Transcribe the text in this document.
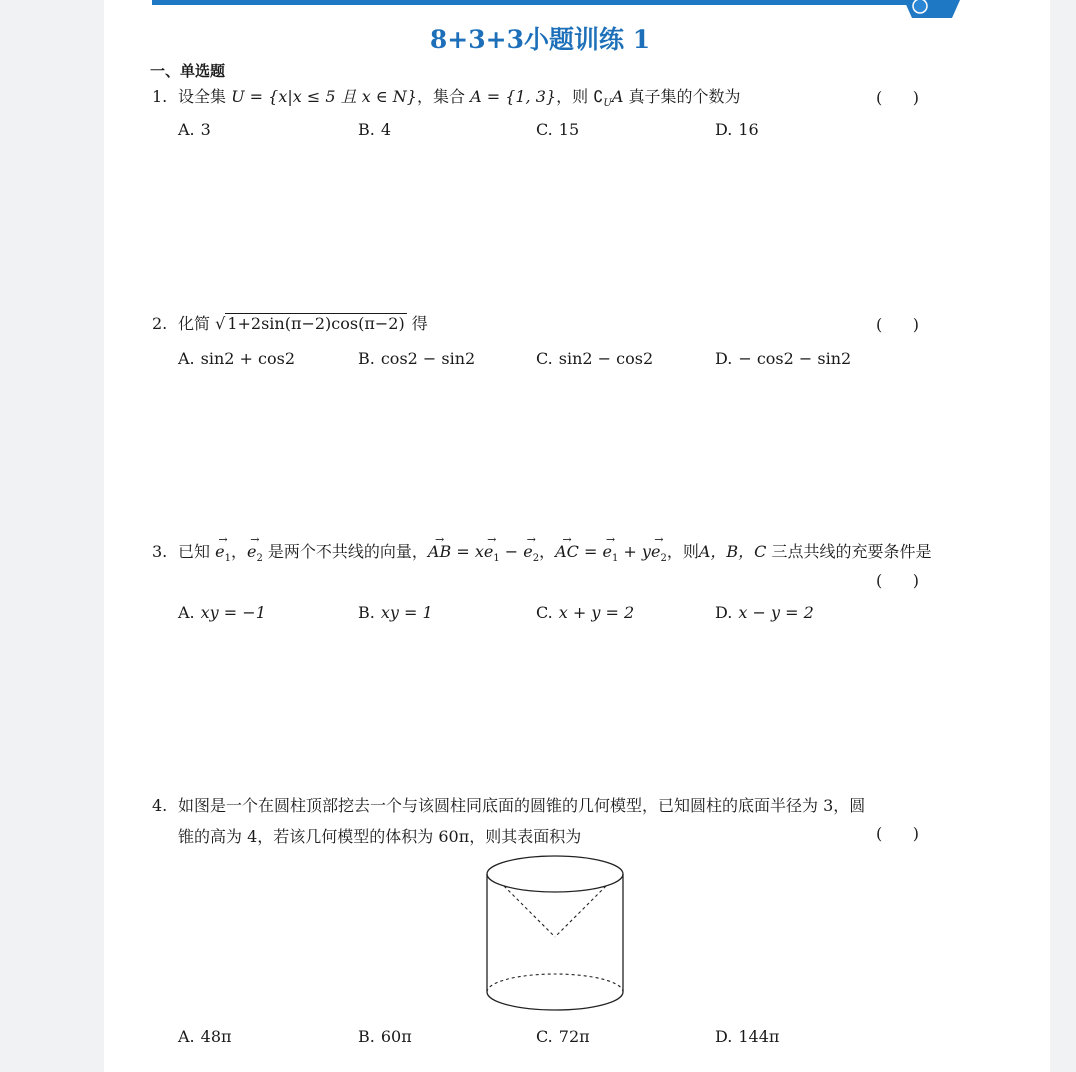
8+3+3小题训练 1
一、单选题
1. 设全集 U = {x|x ≤ 5 且 x ∈ N}，集合 A = {1, 3}，则 $∁_UA$ 真子集的个数为	(      )
A. 3	B. 4	C. 15	D. 16
2. 化简 √ 1+2sin(π−2)cos(π−2) 得	(      )
A. sin2 + cos2	B. cos2 − sin2	C. sin2 − cos2	D. − cos2 − sin2
3. 已知 → $e_1$，→ $e_2$ 是两个不共线的向量，→ AB = $x\to e_1$ − → $e_2$，→ AC = → $e_1 + y\to e_2$，则A，B，C 三点共线的充要条件是
(      )
A. xy = −1	B. xy = 1	C. x + y = 2	D. x − y = 2
4. 如图是一个在圆柱顶部挖去一个与该圆柱同底面的圆锥的几何模型，已知圆柱的底面半径为 3，圆
锥的高为 4，若该几何模型的体积为 60π，则其表面积为	(      )
A. 48π	B. 60π	C. 72π	D. 144π
